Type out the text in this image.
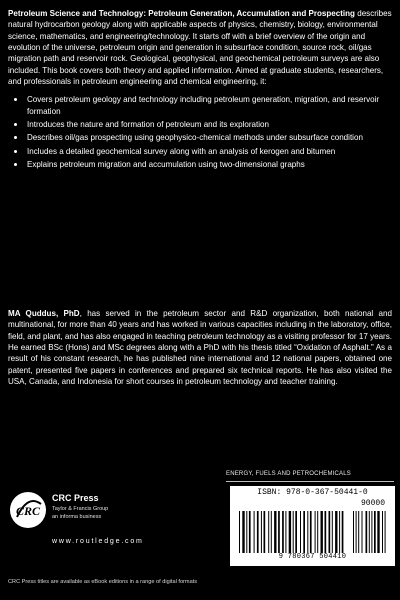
Petroleum Science and Technology: Petroleum Generation, Accumulation and Prospecting describes natural hydrocarbon geology along with applicable aspects of physics, chemistry, biology, environmental science, mathematics, and engineering/technology. It starts off with a brief overview of the origin and evolution of the universe, petroleum origin and generation in subsurface condition, source rock, oil/gas migration path and reservoir rock. Geological, geophysical, and geochemical petroleum surveys are also included. This book covers both theory and applied information. Aimed at graduate students, researchers, and professionals in petroleum engineering and chemical engineering, it:
Covers petroleum geology and technology including petroleum generation, migration, and reservoir formation
Introduces the nature and formation of petroleum and its exploration
Describes oil/gas prospecting using geophysico-chemical methods under subsurface condition
Includes a detailed geochemical survey along with an analysis of kerogen and bitumen
Explains petroleum migration and accumulation using two-dimensional graphs
MA Quddus, PhD, has served in the petroleum sector and R&D organization, both national and multinational, for more than 40 years and has worked in various capacities including in the laboratory, office, field, and plant, and has also engaged in teaching petroleum technology as a visiting professor for 17 years. He earned BSc (Hons) and MSc degrees along with a PhD with his thesis titled “Oxidation of Asphalt.” As a result of his constant research, he has published nine international and 12 national papers, obtained one patent, presented five papers in conferences and prepared six technical reports. He has also visited the USA, Canada, and Indonesia for short courses in petroleum technology and teacher training.
ENERGY, FUELS AND PETROCHEMICALS
ISBN: 978-0-367-50441-0
90000
9 780367 504410
CRC
CRC Press
Taylor & Francis Group
an informa business
www.routledge.com
CRC Press titles are available as eBook editions in a range of digital formats
